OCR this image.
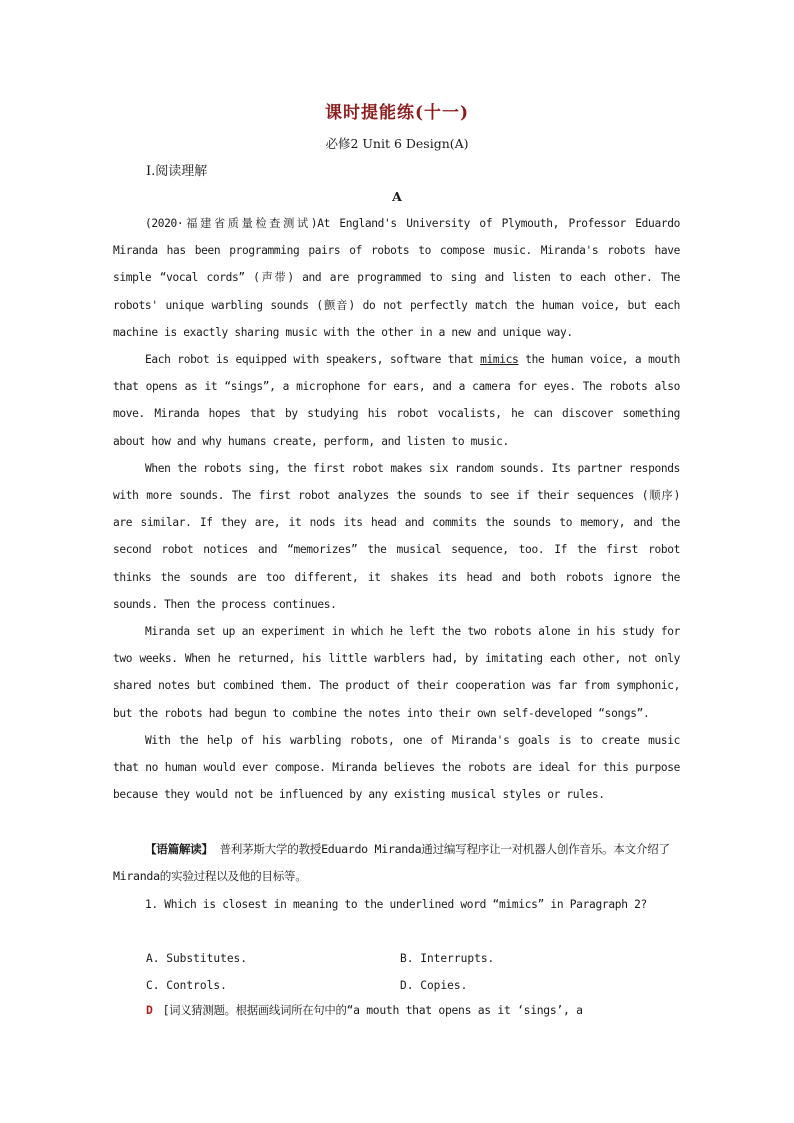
课时提能练(十一)
必修2 Unit 6 Design(A)
Ⅰ.阅读理解
A

(2020·福建省质量检查测试)At England's University of Plymouth, Professor Eduardo Miranda has been programming pairs of robots to compose music. Miranda's robots have simple “vocal cords” (声带) and are programmed to sing and listen to each other. The robots' unique warbling sounds (颤音) do not perfectly match the human voice, but each machine is exactly sharing music with the other in a new and unique way.

Each robot is equipped with speakers, software that mimics the human voice, a mouth that opens as it “sings”, a microphone for ears, and a camera for eyes. The robots also move. Miranda hopes that by studying his robot vocalists, he can discover something about how and why humans create, perform, and listen to music.

When the robots sing, the first robot makes six random sounds. Its partner responds with more sounds. The first robot analyzes the sounds to see if their sequences (顺序) are similar. If they are, it nods its head and commits the sounds to memory, and the second robot notices and “memorizes” the musical sequence, too. If the first robot thinks the sounds are too different, it shakes its head and both robots ignore the sounds. Then the process continues.

Miranda set up an experiment in which he left the two robots alone in his study for two weeks. When he returned, his little warblers had, by imitating each other, not only shared notes but combined them. The product of their cooperation was far from symphonic, but the robots had begun to combine the notes into their own self-developed “songs”.

With the help of his warbling robots, one of Miranda's goals is to create music that no human would ever compose. Miranda believes the robots are ideal for this purpose because they would not be influenced by any existing musical styles or rules.

【语篇解读】 普利茅斯大学的教授Eduardo Miranda通过编写程序让一对机器人创作音乐。本文介绍了Miranda的实验过程以及他的目标等。
1. Which is closest in meaning to the underlined word “mimics” in Paragraph 2?
A. Substitutes.	B. Interrupts.
C. Controls.	D. Copies.
D [词义猜测题。根据画线词所在句中的“a mouth that opens as it ‘sings’, a
